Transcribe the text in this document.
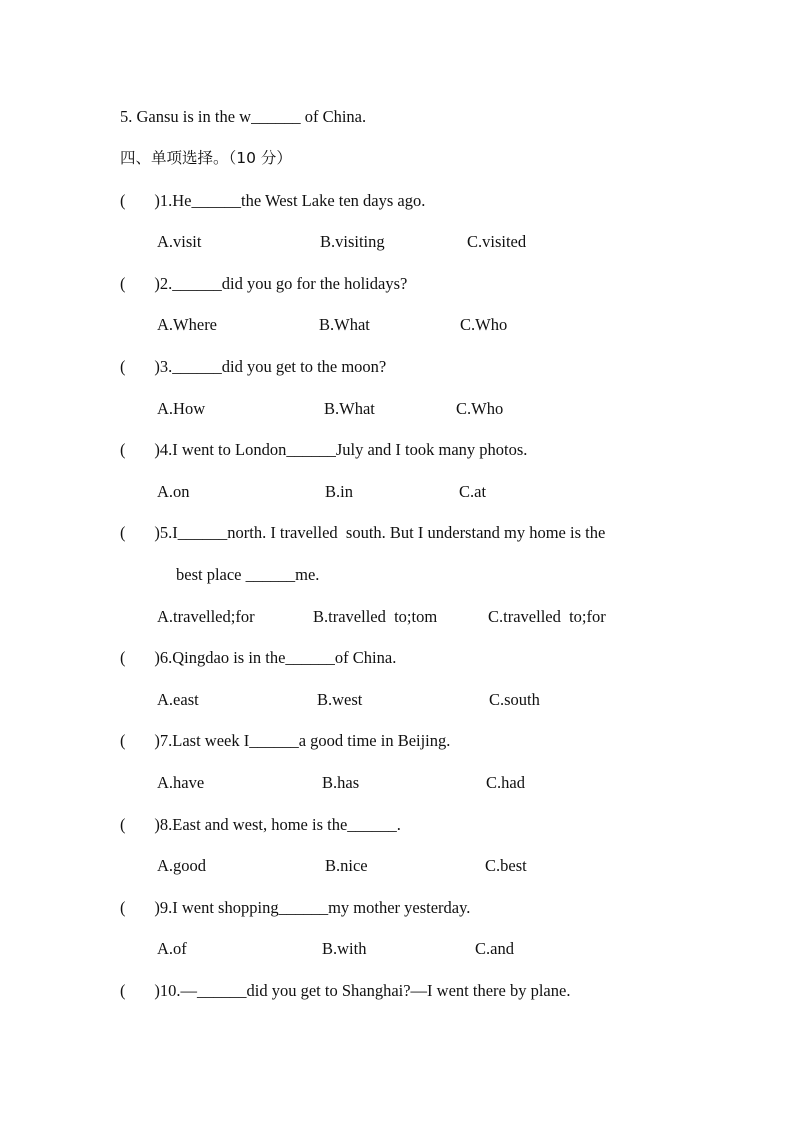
5. Gansu is in the w______ of China.
四、单项选择。（10 分）
(       )1.He______the West Lake ten days ago.
A.visit	B.visiting	C.visited
(       )2.______did you go for the holidays?
A.Where	B.What	C.Who
(       )3.______did you get to the moon?
A.How	B.What	C.Who
(       )4.I went to London______July and I took many photos.
A.on	B.in	C.at
(       )5.I______north. I travelled  south. But I understand my home is the
best place ______me.
A.travelled;for	B.travelled  to;tom	C.travelled  to;for
(       )6.Qingdao is in the______of China.
A.east	B.west	C.south
(       )7.Last week I______a good time in Beijing.
A.have	B.has	C.had
(       )8.East and west, home is the______.
A.good	B.nice	C.best
(       )9.I went shopping______my mother yesterday.
A.of	B.with	C.and
(       )10.—______did you get to Shanghai?—I went there by plane.
